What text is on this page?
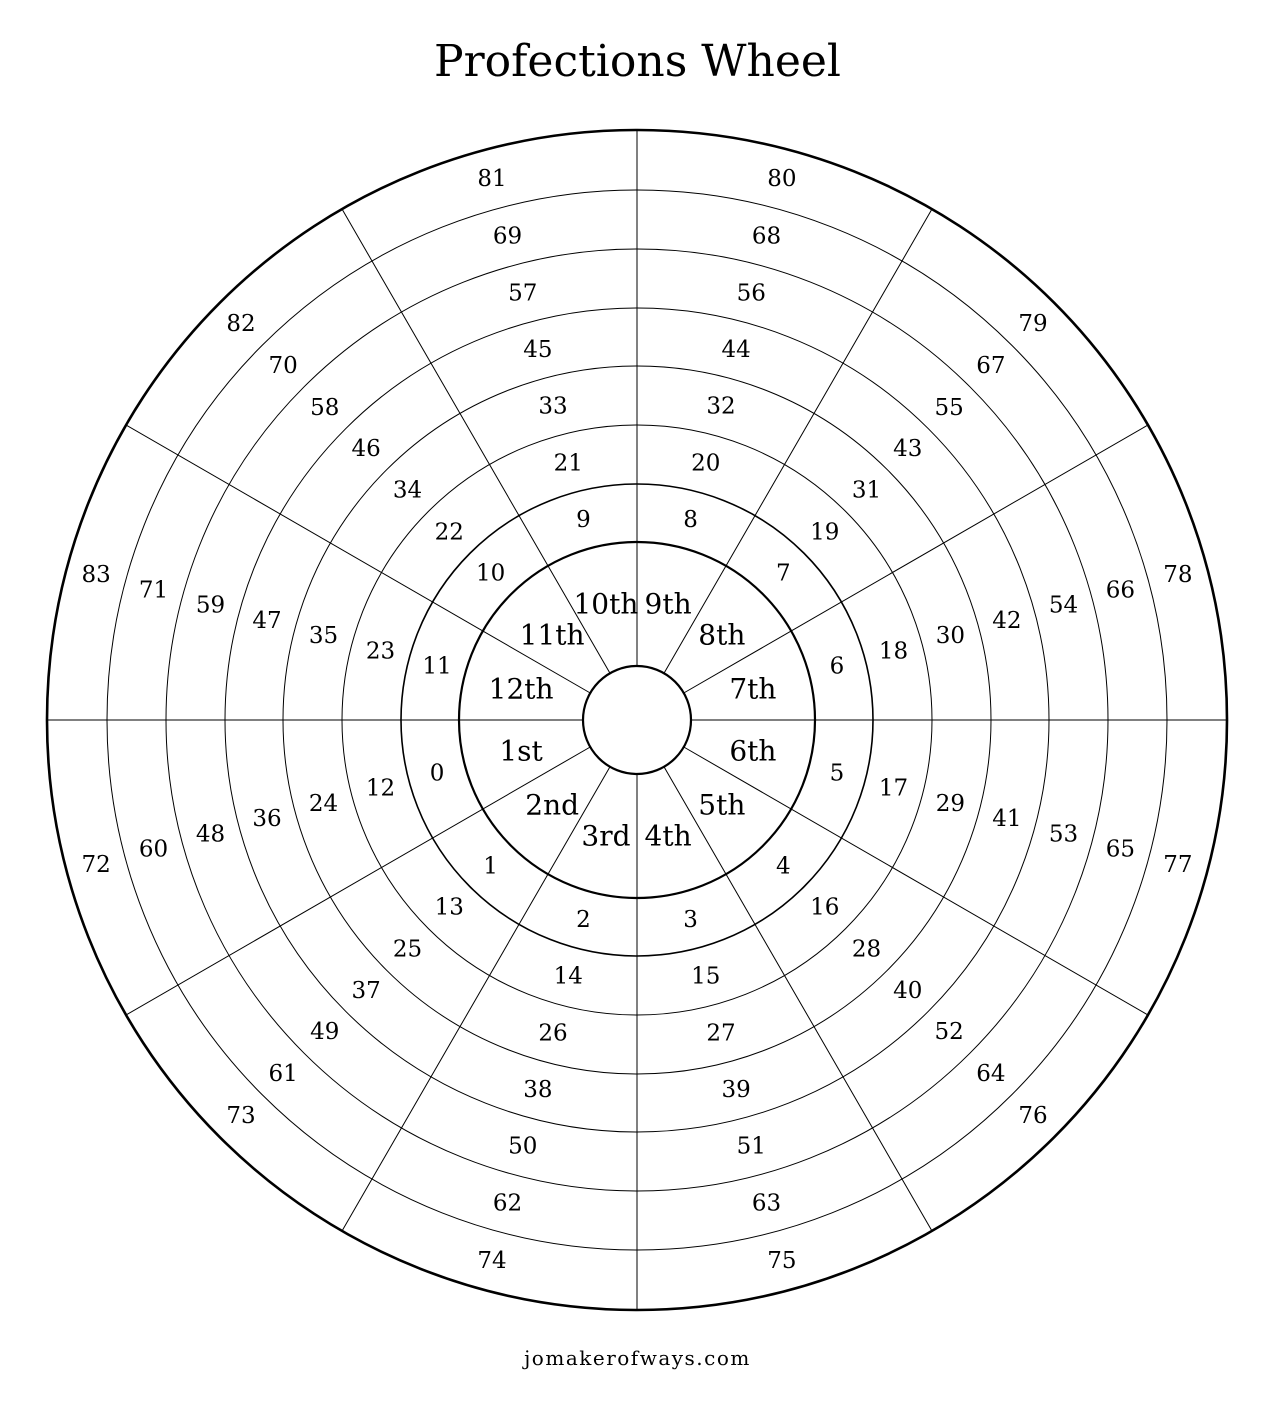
Profections Wheel
1st
2nd
3rd 4th
5th
6th
7th
8th
9th
10th
11th
12th
0
1
2	3
4
5
6
7
8
9
10
11
12
13
14	15
16
17
18
19
20
21
22
23
24
25
26	27
28
29
30
31
32
33
34
35
36
37
38	39
40
41
42
43
44
45
46
47
48
49
50	51
52
53
54
55
56
57
58
59
60
61
62	63
64
65
66
67
68
69
70
71
72
73
74	75
76
77
78
79
80
81
82
83
jomakerofways.com
